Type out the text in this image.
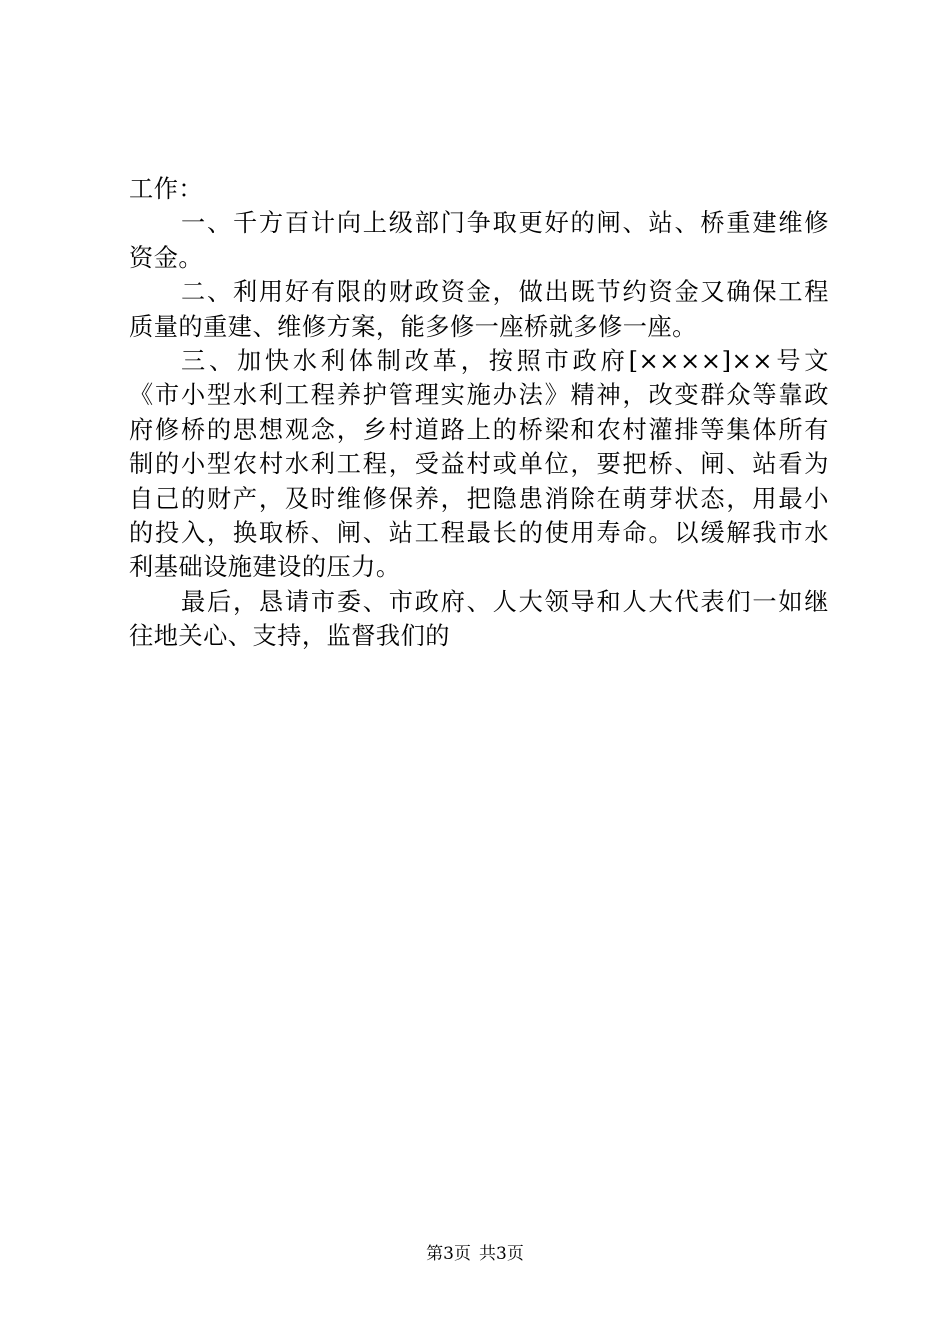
工作：
一、千方百计向上级部门争取更好的闸、站、桥重建维修
资金。
二、利用好有限的财政资金，做出既节约资金又确保工程
质量的重建、维修方案，能多修一座桥就多修一座。
三、加快水利体制改革，按照市政府[××××]××号文
《市小型水利工程养护管理实施办法》精神，改变群众等靠政
府修桥的思想观念，乡村道路上的桥梁和农村灌排等集体所有
制的小型农村水利工程，受益村或单位，要把桥、闸、站看为
自己的财产，及时维修保养，把隐患消除在萌芽状态，用最小
的投入，换取桥、闸、站工程最长的使用寿命。以缓解我市水
利基础设施建设的压力。
最后，恳请市委、市政府、人大领导和人大代表们一如继
往地关心、支持，监督我们的
第3页 共3页
